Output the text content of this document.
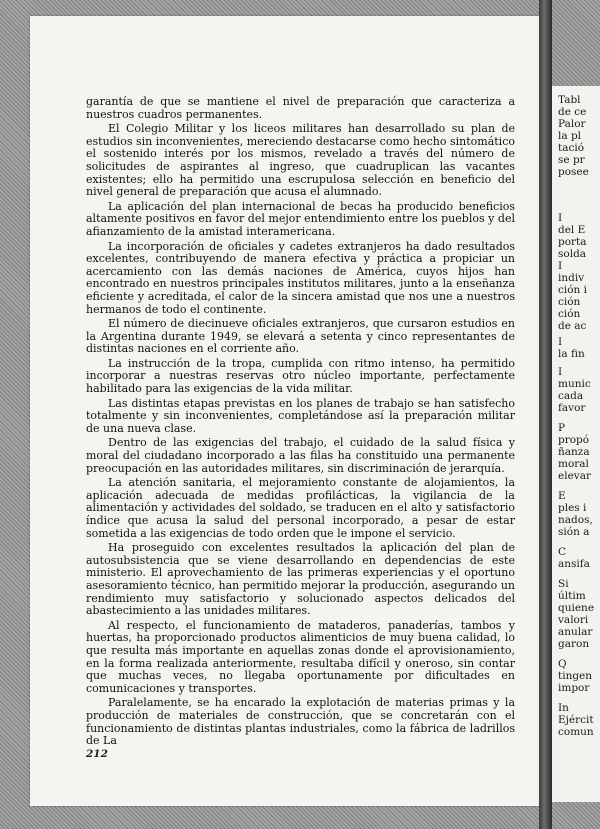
garantía de que se mantiene el nivel de preparación que caracteriza a nuestros cuadros permanentes.

El Colegio Militar y los liceos militares han desarrollado su plan de estudios sin inconvenientes, mereciendo destacarse como hecho sintomático el sostenido interés por los mismos, revelado a través del número de solicitudes de aspirantes al ingreso, que cuadruplican las vacantes existentes; ello ha permitido una escrupulosa selección en beneficio del nivel general de preparación que acusa el alumnado.

La aplicación del plan internacional de becas ha producido beneficios altamente positivos en favor del mejor entendimiento entre los pueblos y del afianzamiento de la amistad interamericana.

La incorporación de oficiales y cadetes extranjeros ha dado resultados excelentes, contribuyendo de manera efectiva y práctica a propiciar un acercamiento con las demás naciones de América, cuyos hijos han encontrado en nuestros principales institutos militares, junto a la enseñanza eficiente y acreditada, el calor de la sincera amistad que nos une a nuestros hermanos de todo el continente.

El número de diecinueve oficiales extranjeros, que cursaron estudios en la Argentina durante 1949, se elevará a setenta y cinco representantes de distintas naciones en el corriente año.

La instrucción de la tropa, cumplida con ritmo intenso, ha permitido incorporar a nuestras reservas otro núcleo importante, perfectamente habilitado para las exigencias de la vida militar.

Las distintas etapas previstas en los planes de trabajo se han satisfecho totalmente y sin inconvenientes, completándose así la preparación militar de una nueva clase.

Dentro de las exigencias del trabajo, el cuidado de la salud física y moral del ciudadano incorporado a las filas ha constituido una permanente preocupación en las autoridades militares, sin discriminación de jerarquía.

La atención sanitaria, el mejoramiento constante de alojamientos, la aplicación adecuada de medidas profilácticas, la vigilancia de la alimentación y actividades del soldado, se traducen en el alto y satisfactorio índice que acusa la salud del personal incorporado, a pesar de estar sometida a las exigencias de todo orden que le impone el servicio.

Ha proseguido con excelentes resultados la aplicación del plan de autosubsistencia que se viene desarrollando en dependencias de este ministerio. El aprovechamiento de las primeras experiencias y el oportuno asesoramiento técnico, han permitido mejorar la producción, asegurando un rendimiento muy satisfactorio y solucionado aspectos delicados del abastecimiento a las unidades militares.

Al respecto, el funcionamiento de mataderos, panaderías, tambos y huertas, ha proporcionado productos alimenticios de muy buena calidad, lo que resulta más importante en aquellas zonas donde el aprovisionamiento, en la forma realizada anteriormente, resultaba difícil y oneroso, sin contar que muchas veces, no llegaba oportunamente por dificultades en comunicaciones y transportes.

Paralelamente, se ha encarado la explotación de materias primas y la producción de materiales de construcción, que se concretarán con el funcionamiento de distintas plantas industriales, como la fábrica de ladrillos de La

212
Tabl
de ce
Palor
la pl
tació
se pr
posee
I
del E
porta
solda
I
indiv
ción i
ción
ción
de ac
I
la fin
I
munic
cada
favor
P
propó
ñanza
moral
elevar
E
ples i
nados,
sión a
C
ansifa
Si
últim
quiene
valori
anular
garon
Q
tingen
impor
In
Ejércit
comun
